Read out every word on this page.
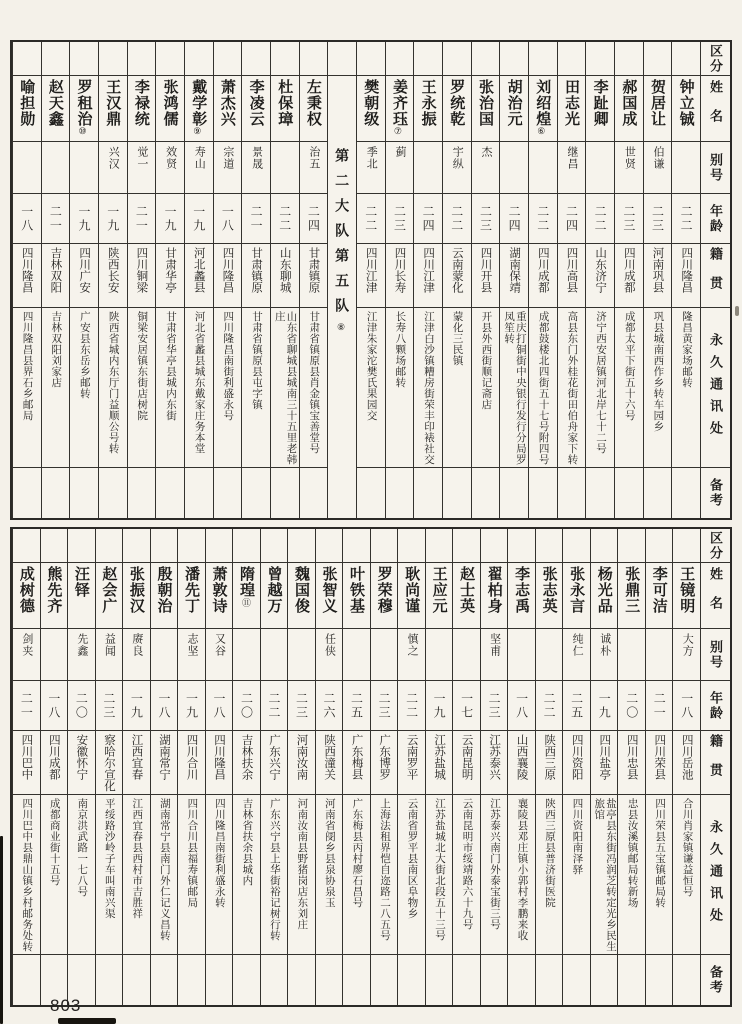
区分
姓名
别号
年龄
籍贯
永久通讯处
备考
钟立铖
二二
四川隆昌
隆昌黄家场邮转
贺居让
伯谦
二三
河南巩县
巩县城南西作乡转车园乡
郝国成
世贤
二三
四川成都
成都太平下街五十六号
李趾卿
二二
山东济宁
济宁西安居镇河北岸七十二号
田志光
继昌
二四
四川高县
高县东门外桂花街田伯舟家下转
刘绍煌⑥
二二
四川成都
成都鼓楼北四街五十七号附四号
胡治元
二四
湖南保靖
重庆打铜街中央银行发行分局罗凤笙转
张治国
杰
二三
四川开县
开县外西街顺记斋店
罗统乾
宇纵
二二
云南蒙化
蒙化三民镇
王永振
二四
四川江津
江津白沙镇糟房街荣丰印裱社交
姜齐珏⑦
蓟
二三
四川长寿
长寿八颗场邮转
樊朝级
季北
二二
四川江津
江津朱家沱樊氏果园交
第二大队第五队⑧
左秉权
治五
二四
甘肃镇原
甘肃省镇原县肖金镇宝善堂号
杜保璋
二二
山东聊城
山东省聊城县城南三十五里老韩庄
李凌云
景晟
二一
甘肃镇原
甘肃省镇原县屯字镇
萧杰兴
宗道
一八
四川隆昌
四川隆昌南街利盛永号
戴学彰⑨
寿山
一九
河北蠡县
河北省蠡县城东戴家庄务本堂
张鸿儒
效贤
一九
甘肃华亭
甘肃省华亭县城内东街
李禄统
觉一
二一
四川铜梁
铜梁安居镇东街店树院
王汉鼎
兴汉
一九
陕西长安
陕西省城内东厅门益顺公号转
罗租治⑩
一九
四川广安
广安县东岳乡邮转
赵天鑫
二一
吉林双阳
吉林双阳刘家店
喻担勋
一八
四川隆昌
四川隆昌县界石乡邮局
区分
姓名
别号
年龄
籍贯
永久通讯处
备考
王镜明
大方
一八
四川岳池
合川肖家镇谦益恒号
李可洁
二一
四川荣县
四川荣县五宝镇邮局转
张鼎三
二〇
四川忠县
忠县汝溪镇邮局转新场
杨光品
诚朴
一九
四川盐亭
盐亭县东街冯润芝转定光乡民生旅馆
张永言
纯仁
二五
四川资阳
四川资阳南泽驿
张志英
二二
陕西三原
陕西三原县普济街医院
李志禹
一八
山西襄陵
襄陵县邓庄镇小郭村李鹏来收
翟柏身
坚甫
二三
江苏泰兴
江苏泰兴南门外泰宝街三号
赵士英
一七
云南昆明
云南昆明市绥靖路六十九号
王应元
一九
江苏盐城
江苏盐城北大街北段五十三号
耿尚谨
慎之
二二
云南罗平
云南省罗平县南区阜物乡
罗荣穆
二三
广东博罗
上海法租界恺自迩路二八五号
叶铁基
二五
广东梅县
广东梅县丙村廖石昌号
张智义
任侠
二六
陕西潼关
河南省阌乡县泉协泉玉
魏国俊
二三
河南汝南
河南汝南县野猪岗店东刘庄
曾越万
二二
广东兴宁
广东兴宁县上华街裕记树行转
隋瑝⑪
二〇
吉林扶余
吉林省扶余县城内
萧敦诗
又谷
一八
四川隆昌
四川隆昌南街利盛永转
潘先丁
志坚
一九
四川合川
四川合川县福寿镇邮局
殷朝治
一八
湖南常宁
湖南常宁县南门外仁记义昌转
张振汉
赓良
一九
江西宜春
江西宜春县西村市吉胜祥
赵会广
益闻
二三
察哈尔宣化
平绥路沙岭子车叫南兴渠
汪铎
先鑫
二〇
安徽怀宁
南京洪武路一七八号
熊先齐
一八
四川成都
成都商业街十五号
成树德
剑夹
二一
四川巴中
四川巴中县鼎山镇乡村邮务处转
803
